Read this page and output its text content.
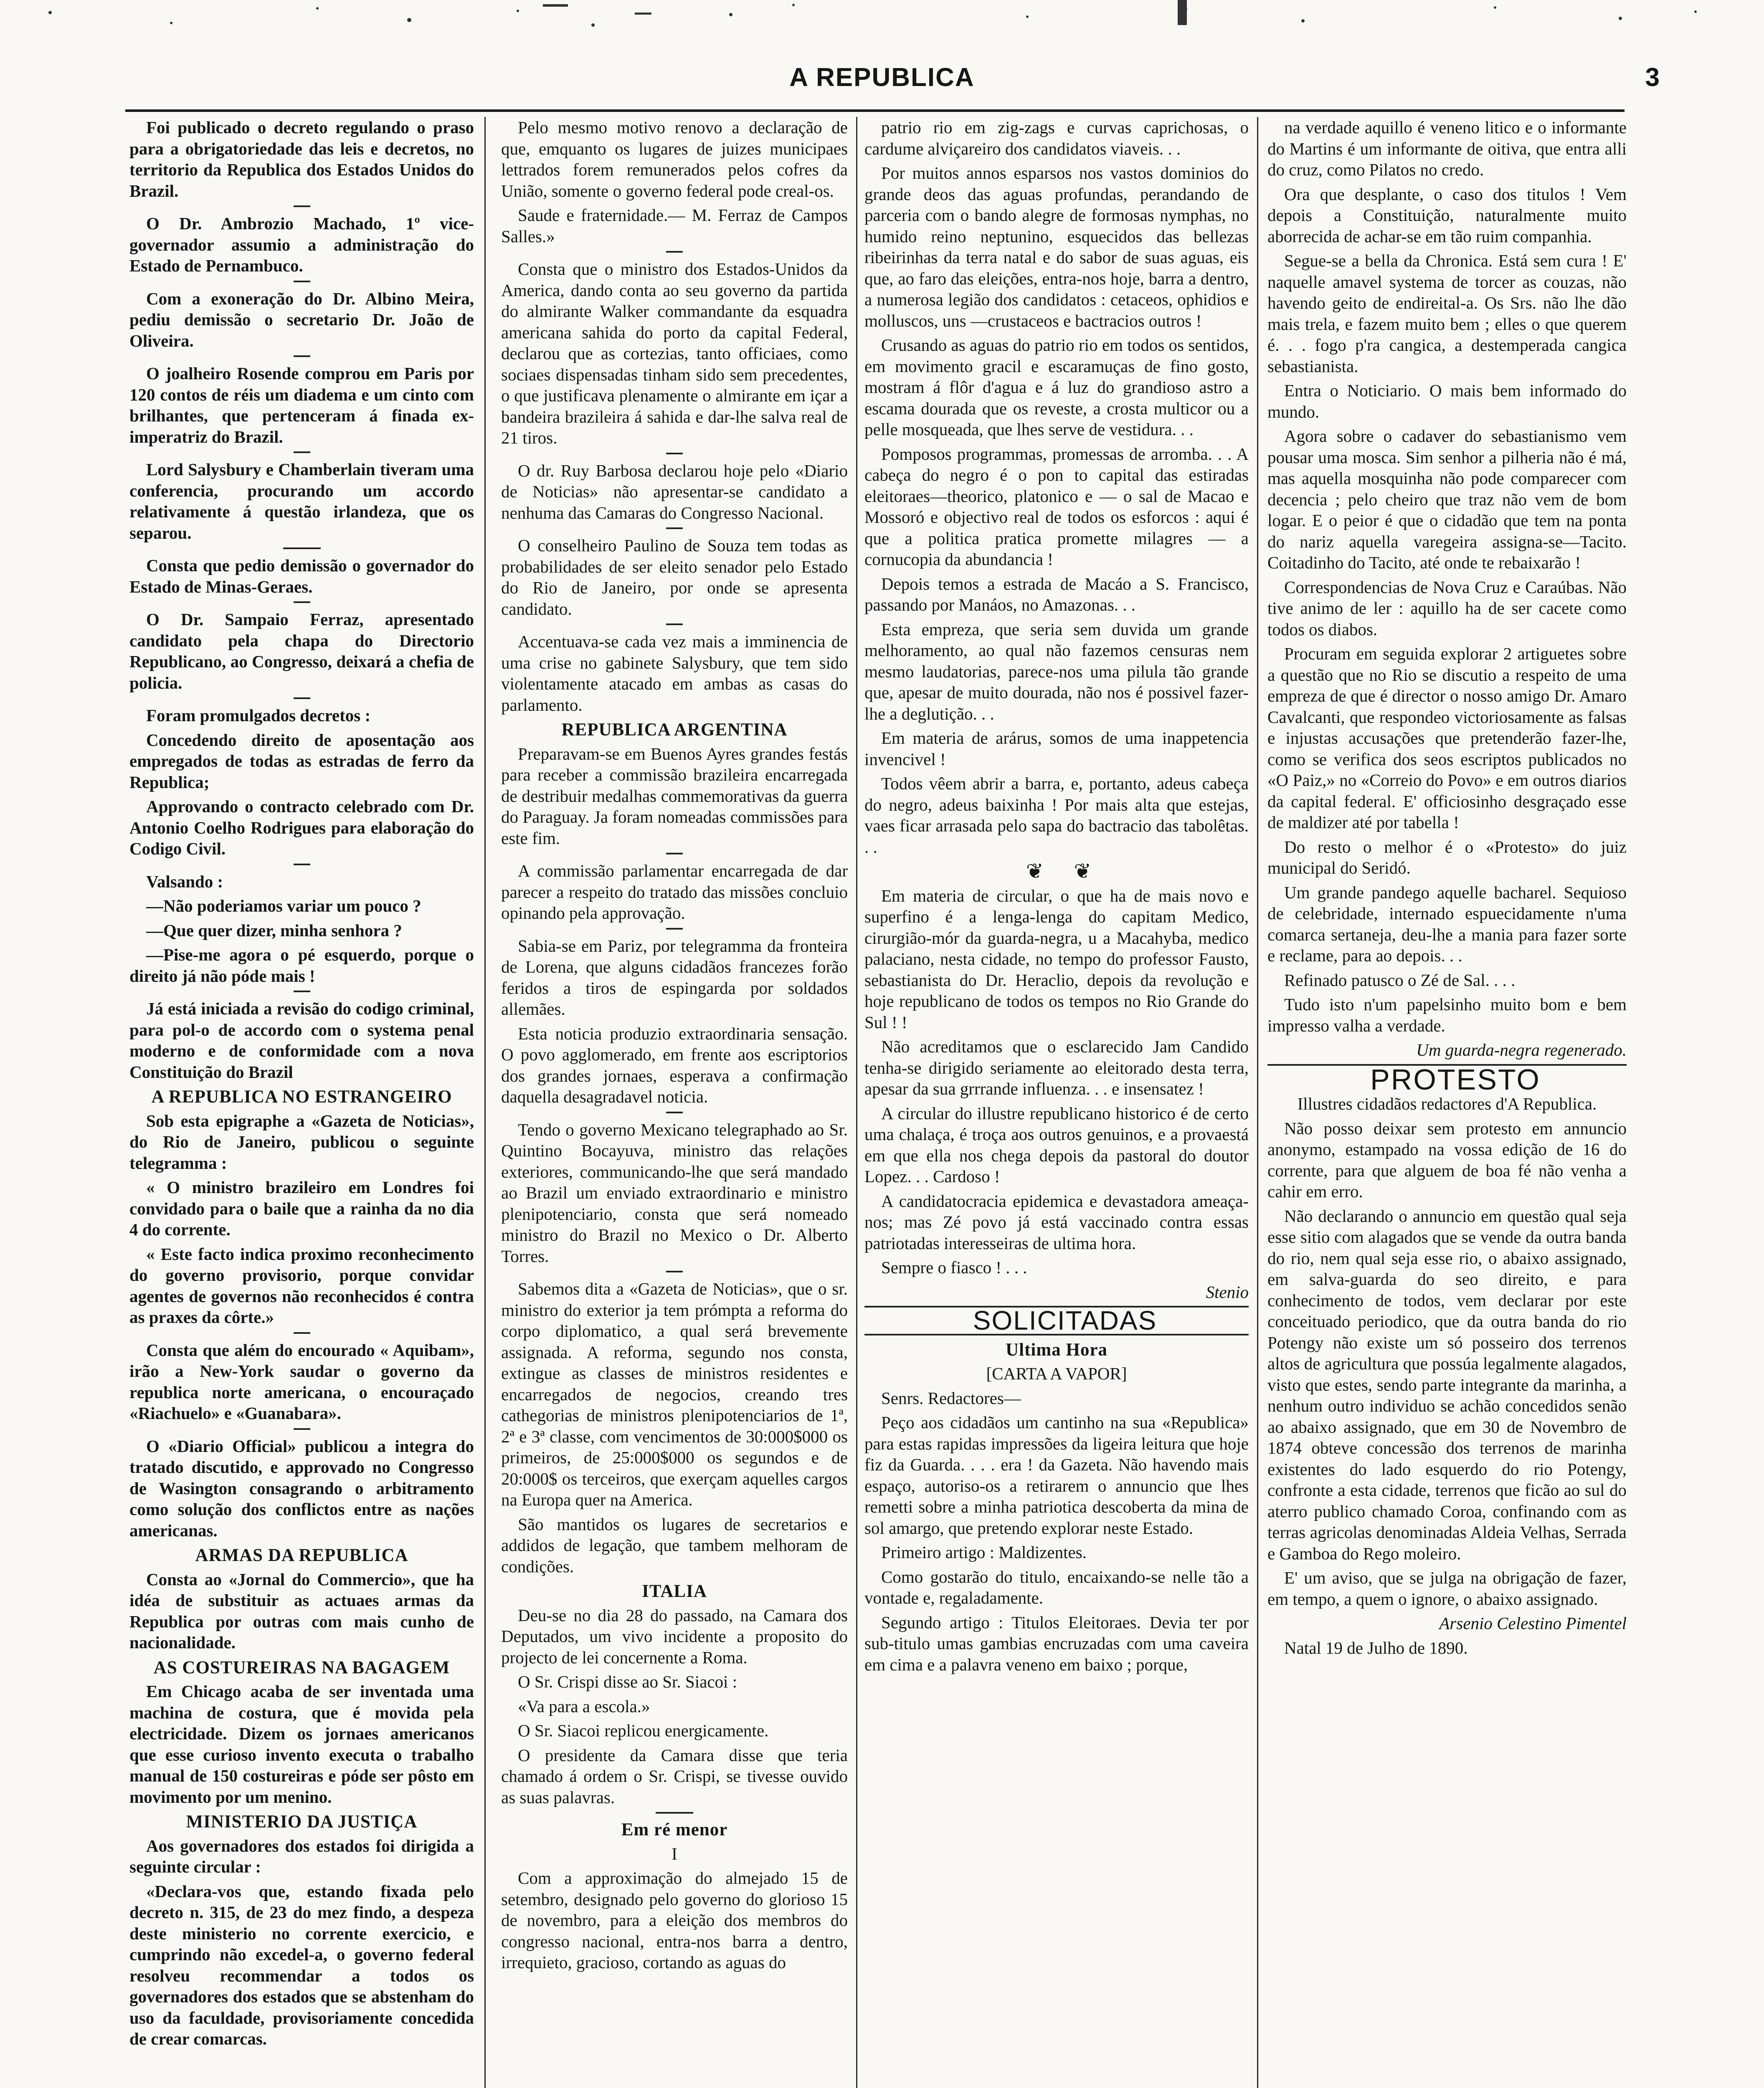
A REPUBLICA	3

Foi publicado o decreto regulando o praso para a obrigatoriedade das leis e decretos, no territorio da Republica dos Estados Unidos do Brazil.

O Dr. Ambrozio Machado, 1º vice-governador assumio a administração do Estado de Pernambuco.

Com a exoneração do Dr. Albino Meira, pediu demissão o secretario Dr. João de Oliveira.

O joalheiro Rosende comprou em Paris por 120 contos de réis um diadema e um cinto com brilhantes, que pertenceram á finada ex-imperatriz do Brazil.

Lord Salysbury e Chamberlain tiveram uma conferencia, procurando um accordo relativamente á questão irlandeza, que os separou.

Consta que pedio demissão o governador do Estado de Minas-Geraes.

O Dr. Sampaio Ferraz, apresentado candidato pela chapa do Directorio Republicano, ao Congresso, deixará a chefia de policia.

Foram promulgados decretos :

Concedendo direito de aposentação aos empregados de todas as estradas de ferro da Republica;

Approvando o contracto celebrado com Dr. Antonio Coelho Rodrigues para elaboração do Codigo Civil.

Valsando :

—Não poderiamos variar um pouco ?

—Que quer dizer, minha senhora ?

—Pise-me agora o pé esquerdo, porque o direito já não póde mais !

Já está iniciada a revisão do codigo criminal, para pol-o de accordo com o systema penal moderno e de conformidade com a nova Constituição do Brazil

A REPUBLICA NO ESTRANGEIRO

Sob esta epigraphe a «Gazeta de Noticias», do Rio de Janeiro, publicou o seguinte telegramma :

« O ministro brazileiro em Londres foi convidado para o baile que a rainha da no dia 4 do corrente.

« Este facto indica proximo reconhecimento do governo provisorio, porque convidar agentes de governos não reconhecidos é contra as praxes da côrte.»

Consta que além do encourado « Aquibam», irão a New-York saudar o governo da republica norte americana, o encouraçado «Riachuelo» e «Guanabara».

O «Diario Official» publicou a integra do tratado discutido, e approvado no Congresso de Wasington consagrando o arbitramento como solução dos conflictos entre as nações americanas.

ARMAS DA REPUBLICA

Consta ao «Jornal do Commercio», que ha idéa de substituir as actuaes armas da Republica por outras com mais cunho de nacionalidade.

AS COSTUREIRAS NA BAGAGEM

Em Chicago acaba de ser inventada uma machina de costura, que é movida pela electricidade. Dizem os jornaes americanos que esse curioso invento executa o trabalho manual de 150 costureiras e póde ser pôsto em movimento por um menino.

MINISTERIO DA JUSTIÇA

Aos governadores dos estados foi dirigida a seguinte circular :

«Declara-vos que, estando fixada pelo decreto n. 315, de 23 do mez findo, a despeza deste ministerio no corrente exercicio, e cumprindo não excedel-a, o governo federal resolveu recommendar a todos os governadores dos estados que se abstenham do uso da faculdade, provisoriamente concedida de crear comarcas.

Pelo mesmo motivo renovo a declaração de que, emquanto os lugares de juizes municipaes lettrados forem remunerados pelos cofres da União, somente o governo federal pode creal-os.

Saude e fraternidade.— M. Ferraz de Campos Salles.»

Consta que o ministro dos Estados-Unidos da America, dando conta ao seu governo da partida do almirante Walker commandante da esquadra americana sahida do porto da capital Federal, declarou que as cortezias, tanto officiaes, como sociaes dispensadas tinham sido sem precedentes, o que justificava plenamente o almirante em içar a bandeira brazileira á sahida e dar-lhe salva real de 21 tiros.

O dr. Ruy Barbosa declarou hoje pelo «Diario de Noticias» não apresentar-se candidato a nenhuma das Camaras do Congresso Nacional.

O conselheiro Paulino de Souza tem todas as probabilidades de ser eleito senador pelo Estado do Rio de Janeiro, por onde se apresenta candidato.

Accentuava-se cada vez mais a imminencia de uma crise no gabinete Salysbury, que tem sido violentamente atacado em ambas as casas do parlamento.

REPUBLICA ARGENTINA

Preparavam-se em Buenos Ayres grandes festás para receber a commissão brazileira encarregada de destribuir medalhas commemorativas da guerra do Paraguay. Ja foram nomeadas commissões para este fim.

A commissão parlamentar encarregada de dar parecer a respeito do tratado das missões concluio opinando pela approvação.

Sabia-se em Pariz, por telegramma da fronteira de Lorena, que alguns cidadãos francezes forão feridos a tiros de espingarda por soldados allemães.

Esta noticia produzio extraordinaria sensação. O povo agglomerado, em frente aos escriptorios dos grandes jornaes, esperava a confirmação daquella desagradavel noticia.

Tendo o governo Mexicano telegraphado ao Sr. Quintino Bocayuva, ministro das relações exteriores, communicando-lhe que será mandado ao Brazil um enviado extraordinario e ministro plenipotenciario, consta que será nomeado ministro do Brazil no Mexico o Dr. Alberto Torres.

Sabemos dita a «Gazeta de Noticias», que o sr. ministro do exterior ja tem prómpta a reforma do corpo diplomatico, a qual será brevemente assignada. A reforma, segundo nos consta, extingue as classes de ministros residentes e encarregados de negocios, creando tres cathegorias de ministros plenipotenciarios de 1ª, 2ª e 3ª classe, com vencimentos de 30:000$000 os primeiros, de 25:000$000 os segundos e de 20:000$ os terceiros, que exerçam aquelles cargos na Europa quer na America.

São mantidos os lugares de secretarios e addidos de legação, que tambem melhoram de condições.

ITALIA

Deu-se no dia 28 do passado, na Camara dos Deputados, um vivo incidente a proposito do projecto de lei concernente a Roma.

O Sr. Crispi disse ao Sr. Siacoi :

«Va para a escola.»

O Sr. Siacoi replicou energicamente.

O presidente da Camara disse que teria chamado á ordem o Sr. Crispi, se tivesse ouvido as suas palavras.

Em ré menor

I

Com a approximação do almejado 15 de setembro, designado pelo governo do glorioso 15 de novembro, para a eleição dos membros do congresso nacional, entra-nos barra a dentro, irrequieto, gracioso, cortando as aguas do

patrio rio em zig-zags e curvas caprichosas, o cardume alviçareiro dos candidatos viaveis. . .

Por muitos annos esparsos nos vastos dominios do grande deos das aguas profundas, perandando de parceria com o bando alegre de formosas nymphas, no humido reino neptunino, esquecidos das bellezas ribeirinhas da terra natal e do sabor de suas aguas, eis que, ao faro das eleições, entra-nos hoje, barra a dentro, a numerosa legião dos candidatos : cetaceos, ophidios e molluscos, uns —crustaceos e bactracios outros !

Crusando as aguas do patrio rio em todos os sentidos, em movimento gracil e escaramuças de fino gosto, mostram á flôr d'agua e á luz do grandioso astro a escama dourada que os reveste, a crosta multicor ou a pelle mosqueada, que lhes serve de vestidura. . .

Pomposos programmas, promessas de arromba. . . A cabeça do negro é o pon to capital das estiradas eleitoraes—theorico, platonico e — o sal de Macao e Mossoró e objectivo real de todos os esforcos : aqui é que a politica pratica promette milagres — a cornucopia da abundancia !

Depois temos a estrada de Macáo a S. Francisco, passando por Manáos, no Amazonas. . .

Esta empreza, que seria sem duvida um grande melhoramento, ao qual não fazemos censuras nem mesmo laudatorias, parece-nos uma pilula tão grande que, apesar de muito dourada, não nos é possivel fazer-lhe a deglutição. . .

Em materia de arárus, somos de uma inappetencia invencivel !

Todos vêem abrir a barra, e, portanto, adeus cabeça do negro, adeus baixinha ! Por mais alta que estejas, vaes ficar arrasada pelo sapa do bactracio das tabolêtas. . .

❦ ❦

Em materia de circular, o que ha de mais novo e superfino é a lenga-lenga do capitam Medico, cirurgião-mór da guarda-negra, u a Macahyba, medico palaciano, nesta cidade, no tempo do professor Fausto, sebastianista do Dr. Heraclio, depois da revolução e hoje republicano de todos os tempos no Rio Grande do Sul ! !

Não acreditamos que o esclarecido Jam Candido tenha-se dirigido seriamente ao eleitorado desta terra, apesar da sua grrrande influenza. . . e insensatez !

A circular do illustre republicano historico é de certo uma chalaça, é troça aos outros genuinos, e a provaestá em que ella nos chega depois da pastoral do doutor Lopez. . . Cardoso !

A candidatocracia epidemica e devastadora ameaça-nos; mas Zé povo já está vaccinado contra essas patriotadas interesseiras de ultima hora.

Sempre o fiasco ! . . .

Stenio

SOLICITADAS

Ultima Hora

[CARTA A VAPOR]

Senrs. Redactores—

Peço aos cidadãos um cantinho na sua «Republica» para estas rapidas impressões da ligeira leitura que hoje fiz da Guarda. . . . era ! da Gazeta. Não havendo mais espaço, autoriso-os a retirarem o annuncio que lhes remetti sobre a minha patriotica descoberta da mina de sol amargo, que pretendo explorar neste Estado.

Primeiro artigo : Maldizentes.

Como gostarão do titulo, encaixando-se nelle tão a vontade e, regaladamente.

Segundo artigo : Titulos Eleitoraes. Devia ter por sub-titulo umas gambias encruzadas com uma caveira em cima e a palavra veneno em baixo ; porque,

na verdade aquillo é veneno litico e o informante do Martins é um informante de oitiva, que entra alli do cruz, como Pilatos no credo.

Ora que desplante, o caso dos titulos ! Vem depois a Constituição, naturalmente muito aborrecida de achar-se em tão ruim companhia.

Segue-se a bella da Chronica. Está sem cura ! E' naquelle amavel systema de torcer as couzas, não havendo geito de endireital-a. Os Srs. não lhe dão mais trela, e fazem muito bem ; elles o que querem é. . . fogo p'ra cangica, a destemperada cangica sebastianista.

Entra o Noticiario. O mais bem informado do mundo.

Agora sobre o cadaver do sebastianismo vem pousar uma mosca. Sim senhor a pilheria não é má, mas aquella mosquinha não pode comparecer com decencia ; pelo cheiro que traz não vem de bom logar. E o peior é que o cidadão que tem na ponta do nariz aquella varegeira assigna-se—Tacito. Coitadinho do Tacito, até onde te rebaixarão !

Correspondencias de Nova Cruz e Caraúbas. Não tive animo de ler : aquillo ha de ser cacete como todos os diabos.

Procuram em seguida explorar 2 artiguetes sobre a questão que no Rio se discutio a respeito de uma empreza de que é director o nosso amigo Dr. Amaro Cavalcanti, que respondeo victoriosamente as falsas e injustas accusações que pretenderão fazer-lhe, como se verifica dos seos escriptos publicados no «O Paiz,» no «Correio do Povo» e em outros diarios da capital federal. E' officiosinho desgraçado esse de maldizer até por tabella !

Do resto o melhor é o «Protesto» do juiz municipal do Seridó.

Um grande pandego aquelle bacharel. Sequioso de celebridade, internado espuecidamente n'uma comarca sertaneja, deu-lhe a mania para fazer sorte e reclame, para ao depois. . .

Refinado patusco o Zé de Sal. . . .

Tudo isto n'um papelsinho muito bom e bem impresso valha a verdade.

Um guarda-negra regenerado.

PROTESTO

Illustres cidadãos redactores d'A Republica.

Não posso deixar sem protesto em annuncio anonymo, estampado na vossa edição de 16 do corrente, para que alguem de boa fé não venha a cahir em erro.

Não declarando o annuncio em questão qual seja esse sitio com alagados que se vende da outra banda do rio, nem qual seja esse rio, o abaixo assignado, em salva-guarda do seo direito, e para conhecimento de todos, vem declarar por este conceituado periodico, que da outra banda do rio Potengy não existe um só posseiro dos terrenos altos de agricultura que possúa legalmente alagados, visto que estes, sendo parte integrante da marinha, a nenhum outro individuo se achão concedidos senão ao abaixo assignado, que em 30 de Novembro de 1874 obteve concessão dos terrenos de marinha existentes do lado esquerdo do rio Potengy, confronte a esta cidade, terrenos que ficão ao sul do aterro publico chamado Coroa, confinando com as terras agricolas denominadas Aldeia Velhas, Serrada e Gamboa do Rego moleiro.

E' um aviso, que se julga na obrigação de fazer, em tempo, a quem o ignore, o abaixo assignado.

Arsenio Celestino Pimentel

Natal 19 de Julho de 1890.
